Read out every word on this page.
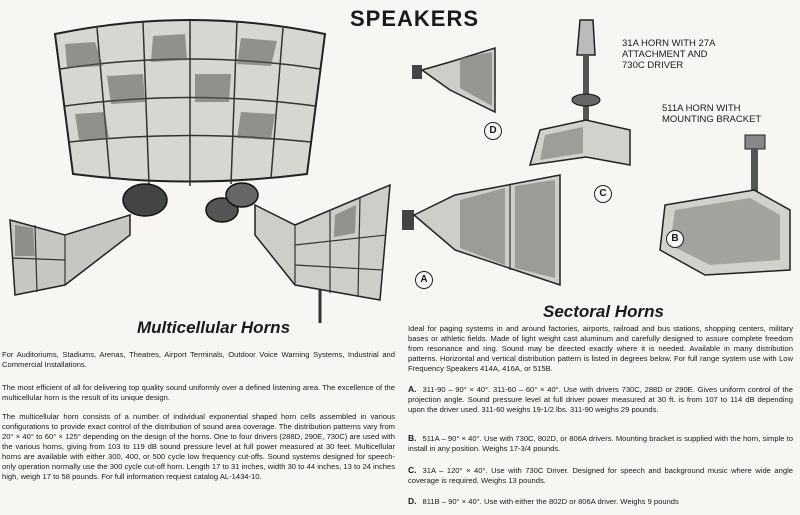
SPEAKERS
D
C
B
A
31A HORN WITH 27A ATTACHMENT AND 730C DRIVER
511A HORN WITH MOUNTING BRACKET
Multicellular Horns
For Auditoriums, Stadiums, Arenas, Theatres, Airport Terminals, Outdoor Voice Warning Systems, Industrial and Commercial Installations.
The most efficient of all for delivering top quality sound uniformly over a defined listening area. The excellence of the multicellular horn is the result of its unique design.
The multicellular horn consists of a number of individual exponential shaped horn cells assembled in various configurations to provide exact control of the distribution of sound area coverage. The distribution patterns vary from 20° × 40° to 60° × 125° depending on the design of the horns. One to four drivers (288D, 290E, 730C) are used with the various horns, giving from 103 to 119 dB sound pressure level at full power measured at 30 feet. Multicellular horns are available with either 300, 400, or 500 cycle low frequency cut-offs. Sound systems designed for speech-only operation normally use the 300 cycle cut-off horn. Length 17 to 31 inches, width 30 to 44 inches, 13 to 24 inches high, weigh 17 to 58 pounds. For full information request catalog AL-1434-10.
Sectoral Horns
Ideal for paging systems in and around factories, airports, railroad and bus stations, shopping centers, military bases or athletic fields. Made of light weight cast aluminum and carefully designed to assure complete freedom from resonance and ring. Sound may be directed exactly where it is needed. Available in many distribution patterns. Horizontal and vertical distribution pattern is listed in degrees below. For full range system use with Low Frequency Speakers 414A, 416A, or 515B.
A. 311-90 – 90° × 40°. 311-60 – 60° × 40°. Use with drivers 730C, 288D or 290E. Gives uniform control of the projection angle. Sound pressure level at full driver power measured at 30 ft. is from 107 to 114 dB depending upon the driver used. 311-60 weighs 19-1/2 lbs. 311-90 weighs 29 pounds.
B. 511A – 90° × 40°. Use with 730C, 802D, or 806A drivers. Mounting bracket is supplied with the horn, simple to install in any position. Weighs 17-3/4 pounds.
C. 31A – 120° × 40°. Use with 730C Driver. Designed for speech and background music where wide angle coverage is required. Weighs 13 pounds.
D. 811B – 90° × 40°. Use with either the 802D or 806A driver. Weighs 9 pounds
